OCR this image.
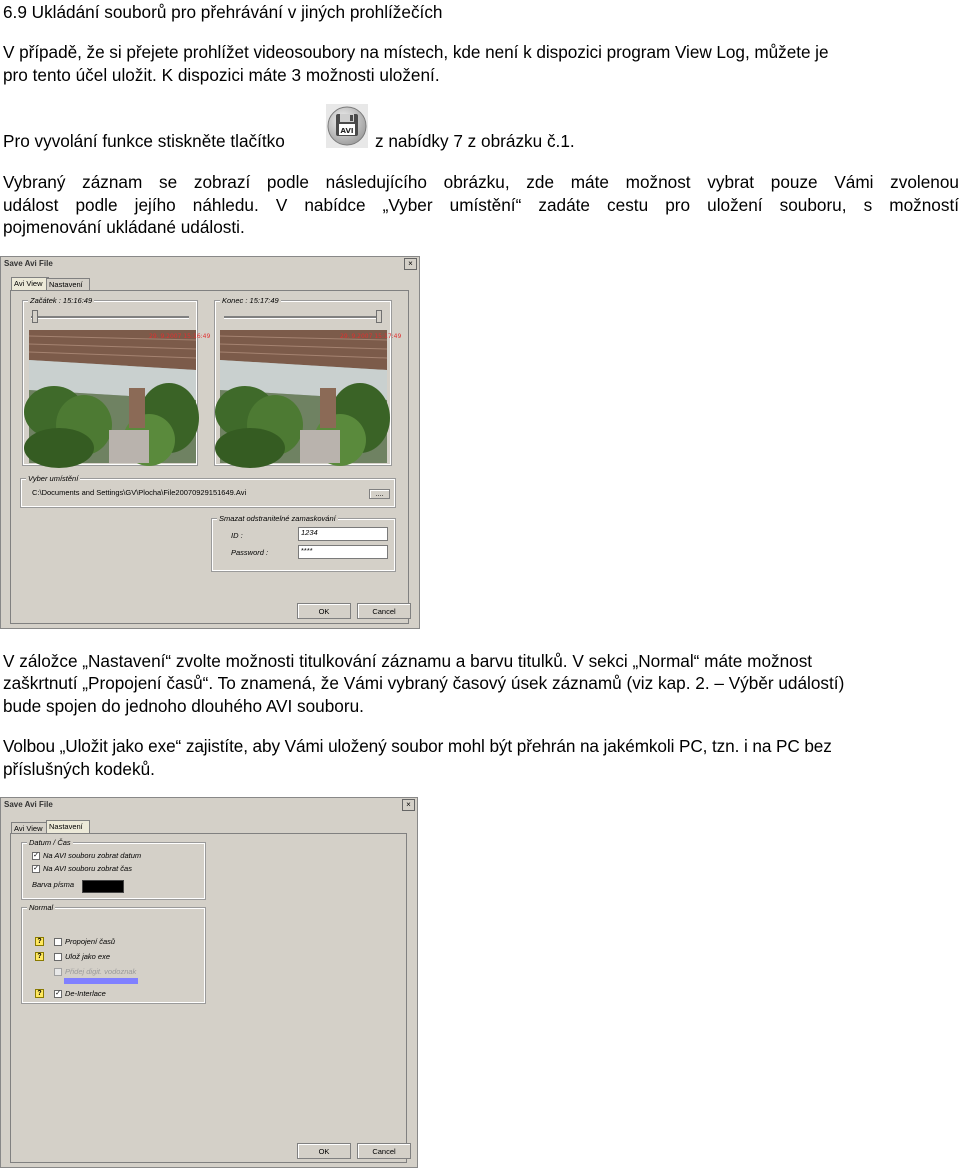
6.9 Ukládání souborů pro přehrávání v jiných prohlížečích
V případě, že si přejete prohlížet videosoubory na místech, kde není k dispozici program View Log, můžete je
pro tento účel uložit. K dispozici máte 3 možnosti uložení.
Pro vyvolání funkce stiskněte tlačítko	AVI z nabídky 7 z obrázku č.1.
Vybraný záznam se zobrazí podle následujícího obrázku, zde máte možnost vybrat pouze Vámi zvolenou
událost podle jejího náhledu. V nabídce „Vyber umístění“ zadáte cestu pro uložení souboru, s možností
pojmenování ukládané události.
Save Avi File	×
Avi View Nastavení
Začátek : 15:16:49
29. 9.2007 15:16:49
Konec : 15:17:49
29. 9.2007 15:17:49
Vyber umístění
C:\Documents and Settings\GV\Plocha\File20070929151649.Avi	....
Smazat odstranitelné zamaskování
ID :	1234
Password :	****
OK	Cancel
V záložce „Nastavení“ zvolte možnosti titulkování záznamu a barvu titulků. V sekci „Normal“ máte možnost
zaškrtnutí „Propojení časů“. To znamená, že Vámi vybraný časový úsek záznamů (viz kap. 2. – Výběr událostí)
bude spojen do jednoho dlouhého AVI souboru.
Volbou „Uložit jako exe“ zajistíte, aby Vámi uložený soubor mohl být přehrán na jakémkoli PC, tzn. i na PC bez
příslušných kodeků.
Save Avi File	×
Avi View Nastavení
Datum / Čas
✓ Na AVI souboru zobrat datum
✓ Na AVI souboru zobrat čas
Barva písma
Normal
?	Propojení časů
?	Ulož jako exe
Přidej digit. vodoznak
?	✓ De-Interlace
OK	Cancel
